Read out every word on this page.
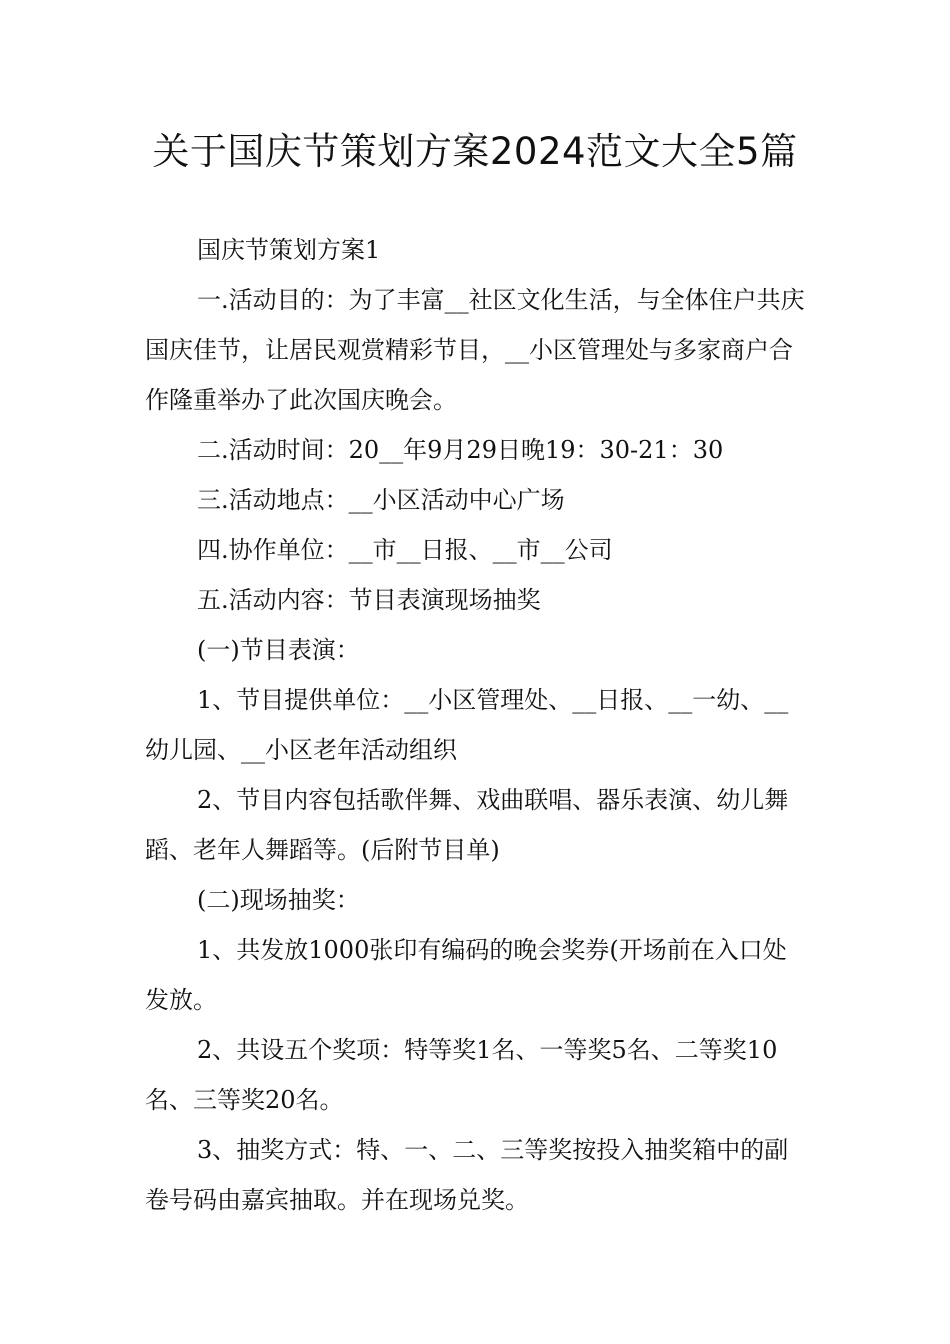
关于国庆节策划方案2024范文大全5篇

国庆节策划方案1

一.活动目的：为了丰富__社区文化生活，与全体住户共庆国庆佳节，让居民观赏精彩节目，__小区管理处与多家商户合作隆重举办了此次国庆晚会。

二.活动时间：20__年9月29日晚19：30-21：30

三.活动地点：__小区活动中心广场

四.协作单位：__市__日报、__市__公司

五.活动内容：节目表演现场抽奖

(一)节目表演：

1、节目提供单位：__小区管理处、__日报、__一幼、__幼儿园、__小区老年活动组织

2、节目内容包括歌伴舞、戏曲联唱、器乐表演、幼儿舞蹈、老年人舞蹈等。(后附节目单)

(二)现场抽奖：

1、共发放1000张印有编码的晚会奖券(开场前在入口处发放。

2、共设五个奖项：特等奖1名、一等奖5名、二等奖10名、三等奖20名。

3、抽奖方式：特、一、二、三等奖按投入抽奖箱中的副卷号码由嘉宾抽取。并在现场兑奖。
